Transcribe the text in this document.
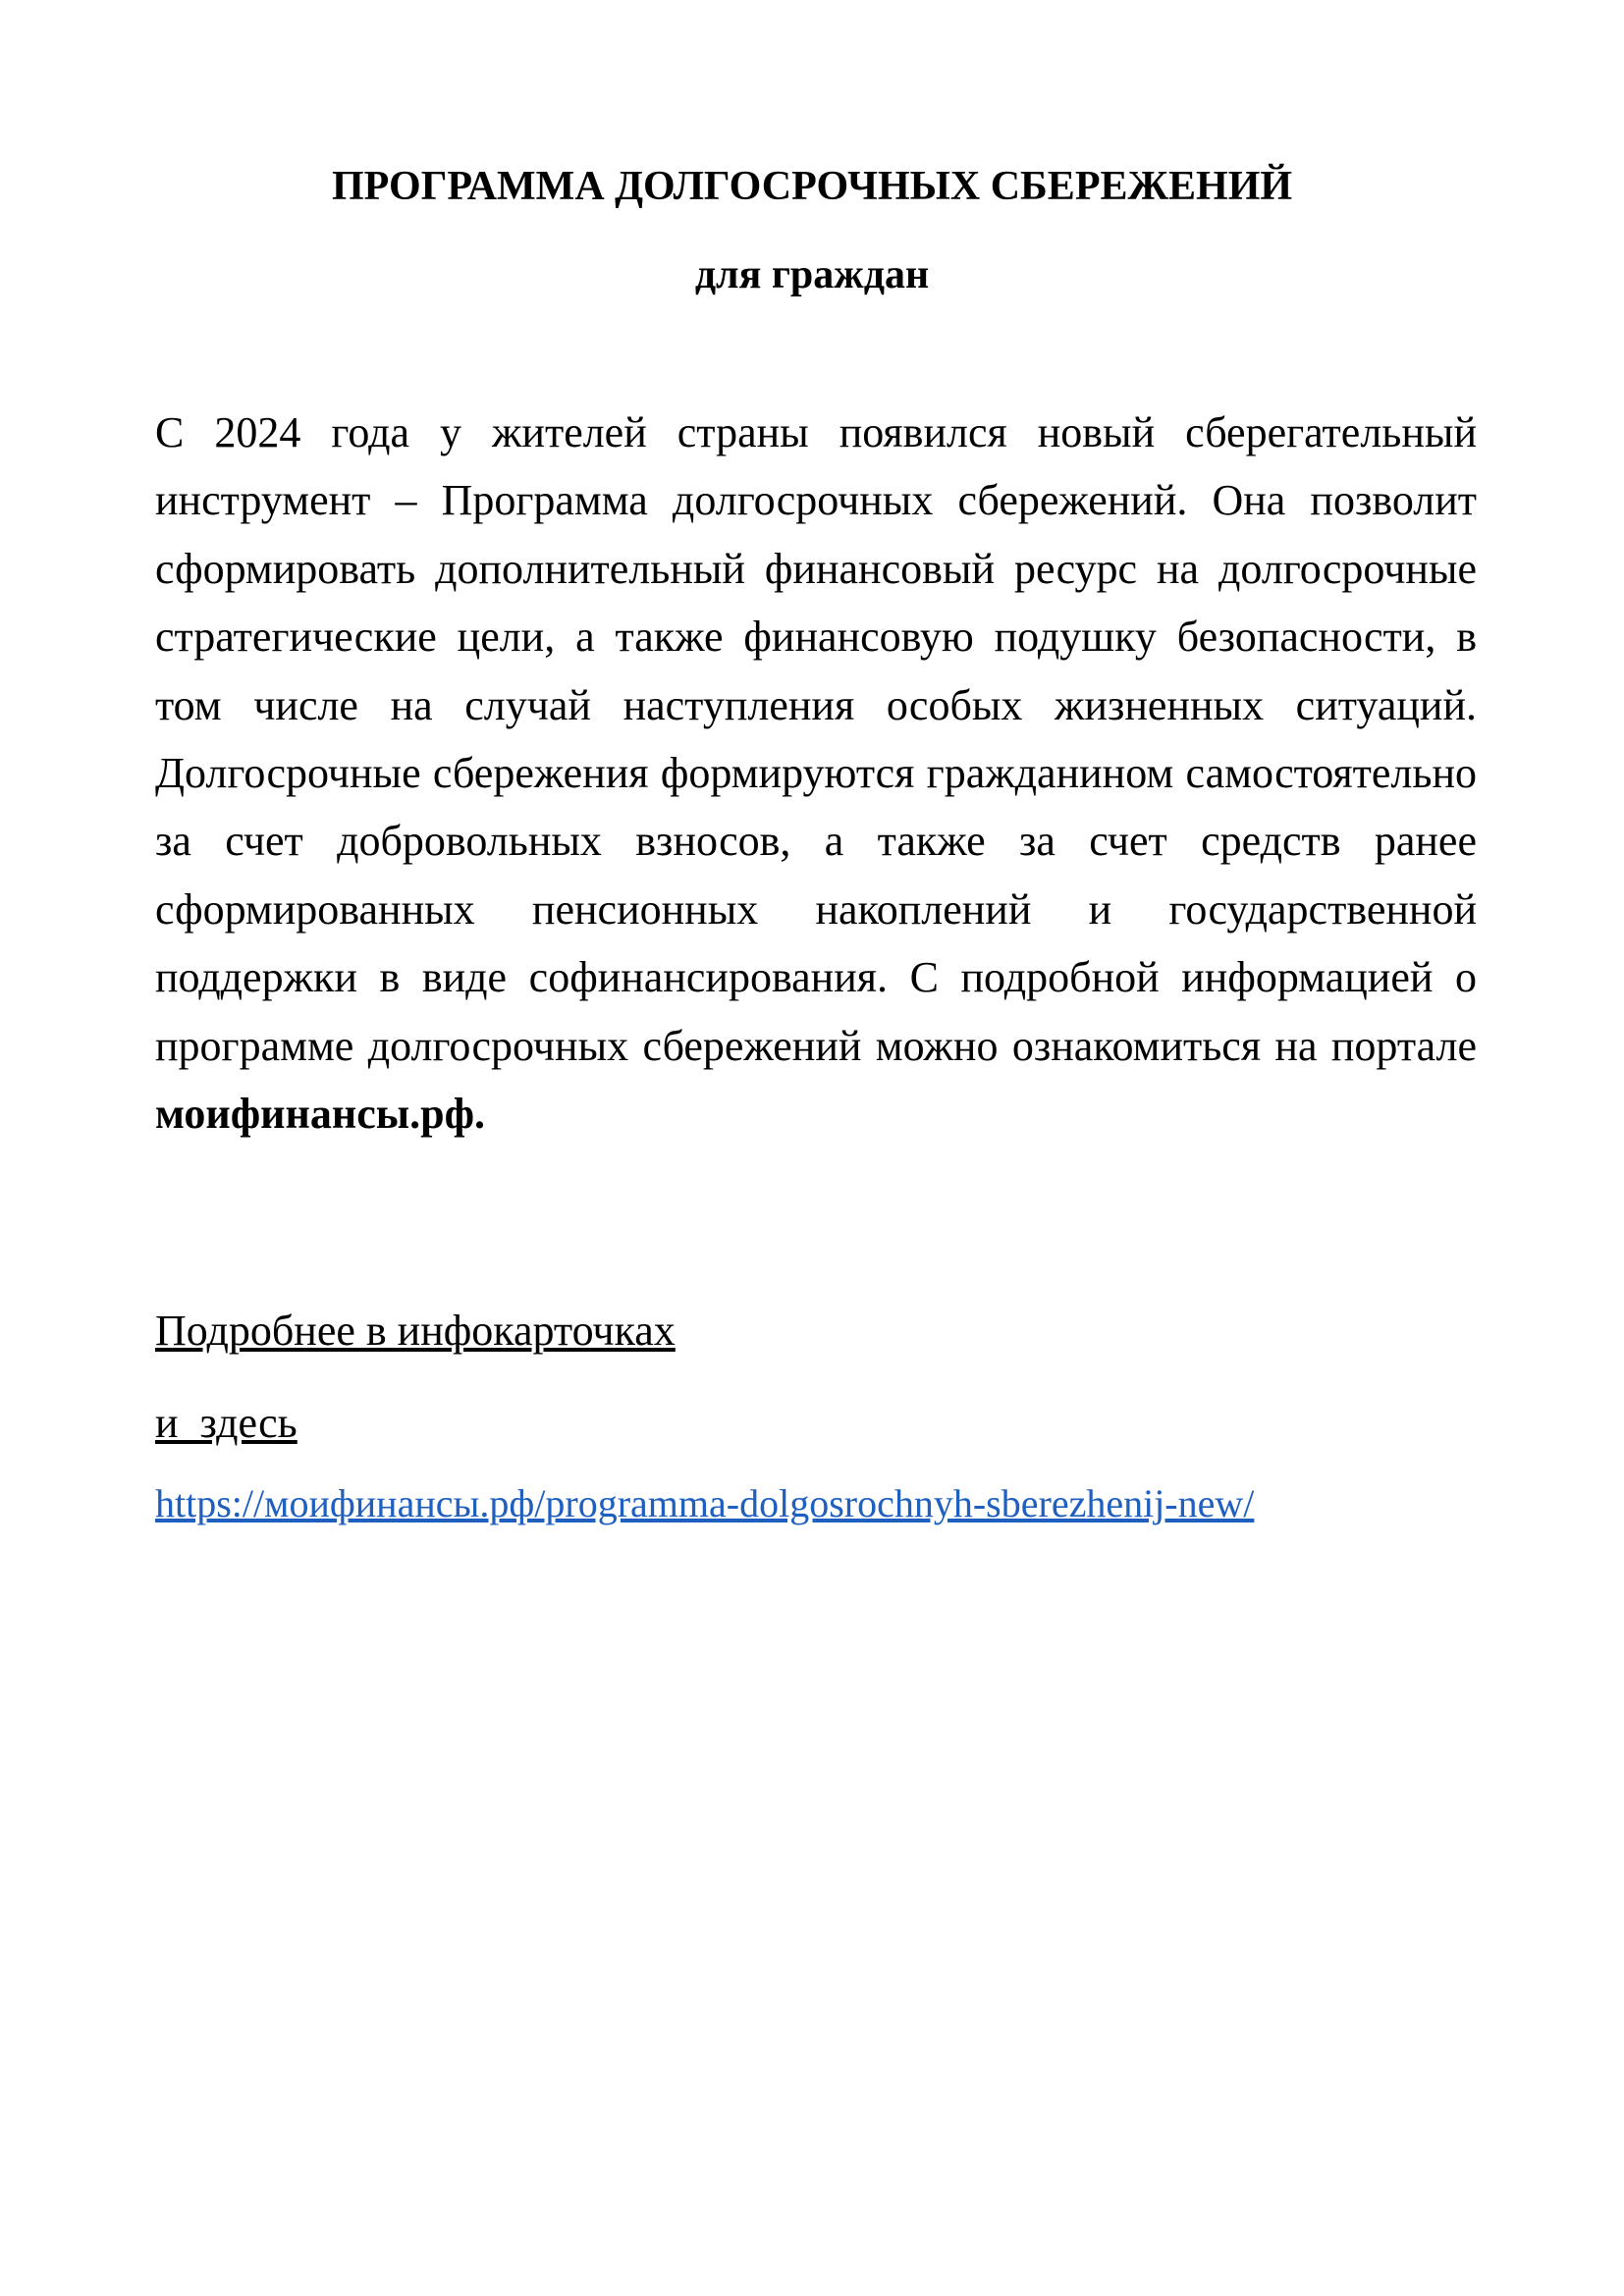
ПРОГРАММА ДОЛГОСРОЧНЫХ СБЕРЕЖЕНИЙ
для граждан

С 2024 года у жителей страны появился новый сберегательный инструмент – Программа долгосрочных сбережений. Она позволит сформировать дополнительный финансовый ресурс на долгосрочные стратегические цели, а также финансовую подушку безопасности, в том числе на случай наступления особых жизненных ситуаций. Долгосрочные сбережения формируются гражданином самостоятельно за счет добровольных взносов, а также за счет средств ранее сформированных пенсионных накоплений и государственной поддержки в виде софинансирования. С подробной информацией о программе долгосрочных сбережений можно ознакомиться на портале моифинансы.рф.

Подробнее в инфокарточках
и  здесь
https://моифинансы.рф/programma-dolgosrochnyh-sberezhenij-new/
